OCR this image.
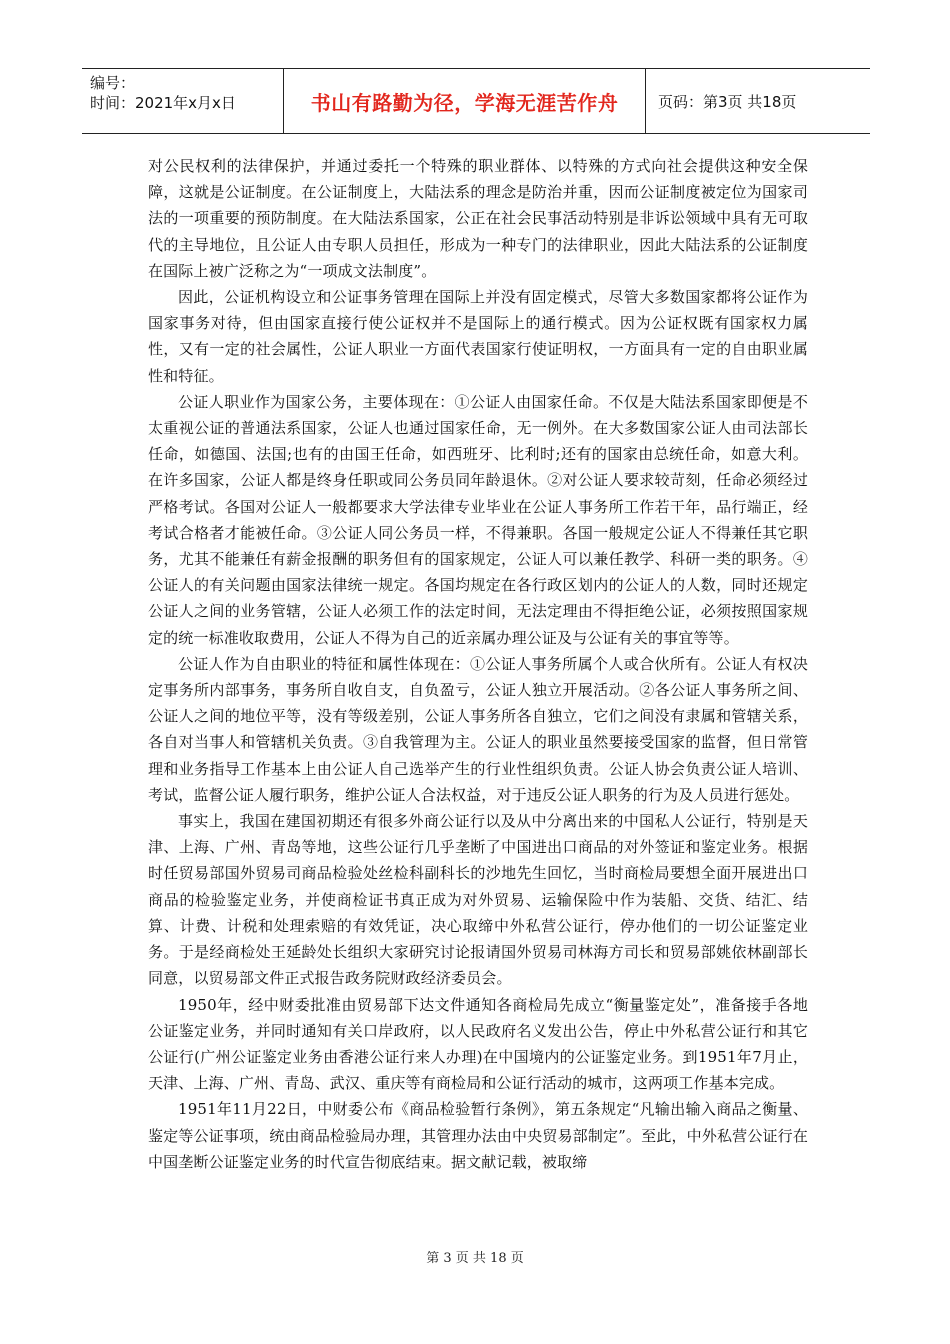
编号：
时间：2021年x月x日	书山有路勤为径，学海无涯苦作舟	页码：第3页 共18页

对公民权利的法律保护，并通过委托一个特殊的职业群体、以特殊的方式向社会提供这种安全保障，这就是公证制度。在公证制度上，大陆法系的理念是防治并重，因而公证制度被定位为国家司法的一项重要的预防制度。在大陆法系国家，公正在社会民事活动特别是非诉讼领域中具有无可取代的主导地位，且公证人由专职人员担任，形成为一种专门的法律职业，因此大陆法系的公证制度在国际上被广泛称之为“一项成文法制度”。

因此，公证机构设立和公证事务管理在国际上并没有固定模式，尽管大多数国家都将公证作为国家事务对待，但由国家直接行使公证权并不是国际上的通行模式。因为公证权既有国家权力属性，又有一定的社会属性，公证人职业一方面代表国家行使证明权，一方面具有一定的自由职业属性和特征。

公证人职业作为国家公务，主要体现在：①公证人由国家任命。不仅是大陆法系国家即便是不太重视公证的普通法系国家，公证人也通过国家任命，无一例外。在大多数国家公证人由司法部长任命，如德国、法国;也有的由国王任命，如西班牙、比利时;还有的国家由总统任命，如意大利。在许多国家，公证人都是终身任职或同公务员同年龄退休。②对公证人要求较苛刻，任命必须经过严格考试。各国对公证人一般都要求大学法律专业毕业在公证人事务所工作若干年，品行端正，经考试合格者才能被任命。③公证人同公务员一样，不得兼职。各国一般规定公证人不得兼任其它职务，尤其不能兼任有薪金报酬的职务但有的国家规定，公证人可以兼任教学、科研一类的职务。④公证人的有关问题由国家法律统一规定。各国均规定在各行政区划内的公证人的人数，同时还规定公证人之间的业务管辖，公证人必须工作的法定时间，无法定理由不得拒绝公证，必须按照国家规定的统一标准收取费用，公证人不得为自己的近亲属办理公证及与公证有关的事宜等等。

公证人作为自由职业的特征和属性体现在：①公证人事务所属个人或合伙所有。公证人有权决定事务所内部事务，事务所自收自支，自负盈亏，公证人独立开展活动。②各公证人事务所之间、公证人之间的地位平等，没有等级差别，公证人事务所各自独立，它们之间没有隶属和管辖关系，各自对当事人和管辖机关负责。③自我管理为主。公证人的职业虽然要接受国家的监督，但日常管理和业务指导工作基本上由公证人自己选举产生的行业性组织负责。公证人协会负责公证人培训、考试，监督公证人履行职务，维护公证人合法权益，对于违反公证人职务的行为及人员进行惩处。

事实上，我国在建国初期还有很多外商公证行以及从中分离出来的中国私人公证行，特别是天津、上海、广州、青岛等地，这些公证行几乎垄断了中国进出口商品的对外签证和鉴定业务。根据时任贸易部国外贸易司商品检验处丝检科副科长的沙地先生回忆，当时商检局要想全面开展进出口商品的检验鉴定业务，并使商检证书真正成为对外贸易、运输保险中作为装船、交货、结汇、结算、计费、计税和处理索赔的有效凭证，决心取缔中外私营公证行，停办他们的一切公证鉴定业务。于是经商检处王延龄处长组织大家研究讨论报请国外贸易司林海方司长和贸易部姚依林副部长同意，以贸易部文件正式报告政务院财政经济委员会。

1950年，经中财委批准由贸易部下达文件通知各商检局先成立“衡量鉴定处”，准备接手各地公证鉴定业务，并同时通知有关口岸政府，以人民政府名义发出公告，停止中外私营公证行和其它公证行(广州公证鉴定业务由香港公证行来人办理)在中国境内的公证鉴定业务。到1951年7月止，天津、上海、广州、青岛、武汉、重庆等有商检局和公证行活动的城市，这两项工作基本完成。

1951年11月22日，中财委公布《商品检验暂行条例》，第五条规定“凡输出输入商品之衡量、鉴定等公证事项，统由商品检验局办理，其管理办法由中央贸易部制定”。至此，中外私营公证行在中国垄断公证鉴定业务的时代宣告彻底结束。据文献记载，被取缔

第 3 页 共 18 页
